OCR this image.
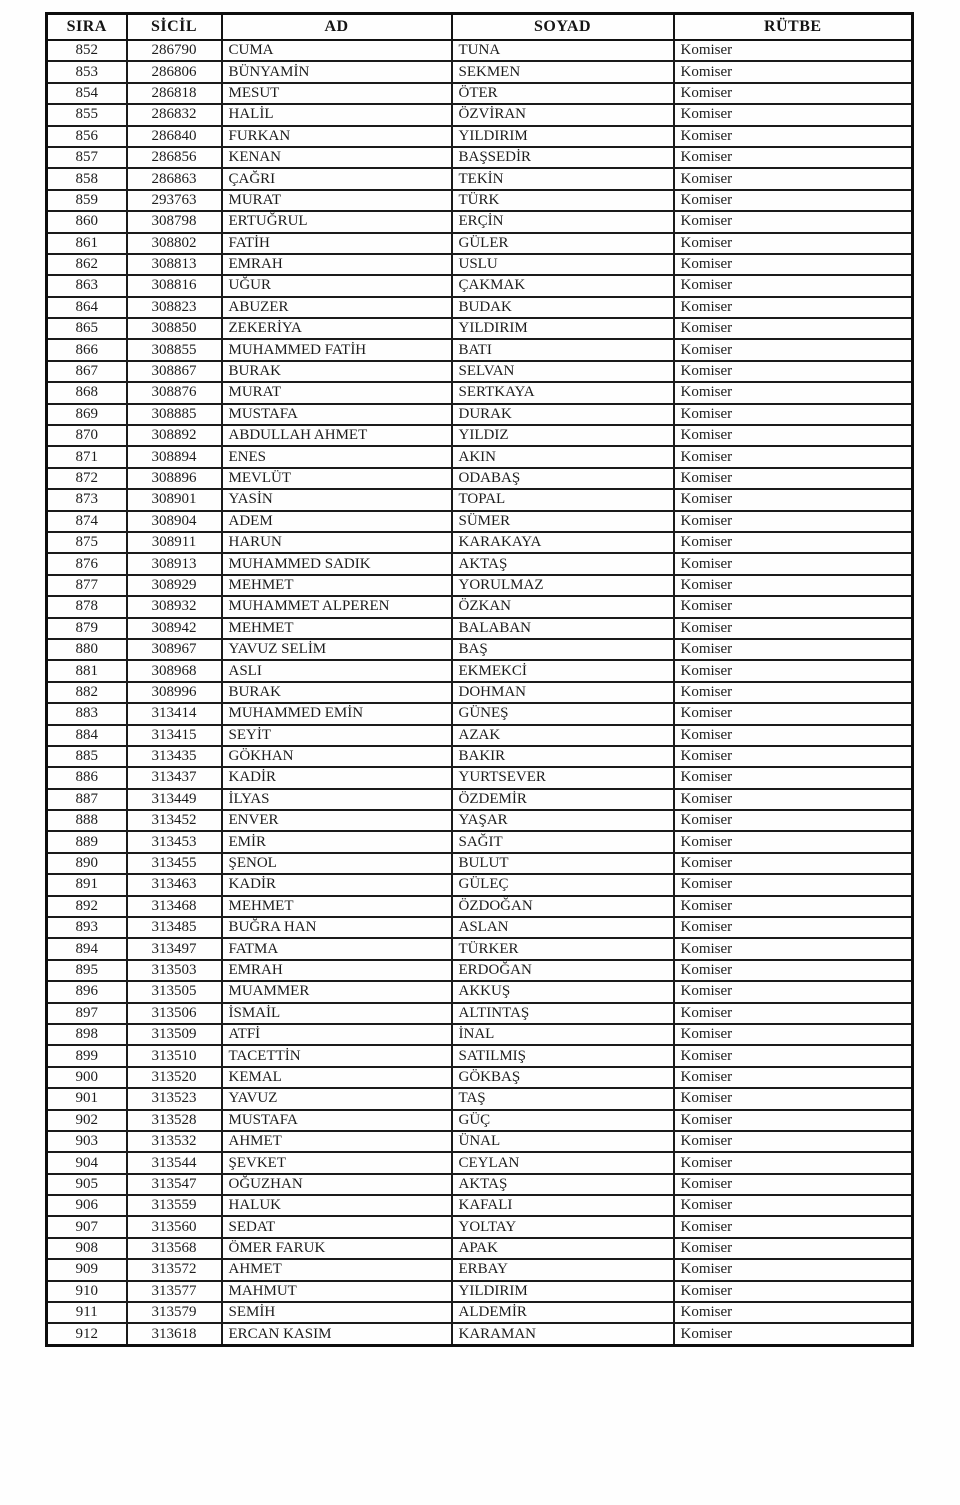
SIRA	SİCİL	AD	SOYAD	RÜTBE
852	286790	CUMA	TUNA	Komiser
853	286806	BÜNYAMİN	SEKMEN	Komiser
854	286818	MESUT	ÖTER	Komiser
855	286832	HALİL	ÖZVİRAN	Komiser
856	286840	FURKAN	YILDIRIM	Komiser
857	286856	KENAN	BAŞSEDİR	Komiser
858	286863	ÇAĞRI	TEKİN	Komiser
859	293763	MURAT	TÜRK	Komiser
860	308798	ERTUĞRUL	ERÇİN	Komiser
861	308802	FATİH	GÜLER	Komiser
862	308813	EMRAH	USLU	Komiser
863	308816	UĞUR	ÇAKMAK	Komiser
864	308823	ABUZER	BUDAK	Komiser
865	308850	ZEKERİYA	YILDIRIM	Komiser
866	308855	MUHAMMED FATİH	BATI	Komiser
867	308867	BURAK	SELVAN	Komiser
868	308876	MURAT	SERTKAYA	Komiser
869	308885	MUSTAFA	DURAK	Komiser
870	308892	ABDULLAH AHMET	YILDIZ	Komiser
871	308894	ENES	AKIN	Komiser
872	308896	MEVLÜT	ODABAŞ	Komiser
873	308901	YASİN	TOPAL	Komiser
874	308904	ADEM	SÜMER	Komiser
875	308911	HARUN	KARAKAYA	Komiser
876	308913	MUHAMMED SADIK	AKTAŞ	Komiser
877	308929	MEHMET	YORULMAZ	Komiser
878	308932	MUHAMMET ALPEREN	ÖZKAN	Komiser
879	308942	MEHMET	BALABAN	Komiser
880	308967	YAVUZ SELİM	BAŞ	Komiser
881	308968	ASLI	EKMEKCİ	Komiser
882	308996	BURAK	DOHMAN	Komiser
883	313414	MUHAMMED EMİN	GÜNEŞ	Komiser
884	313415	SEYİT	AZAK	Komiser
885	313435	GÖKHAN	BAKIR	Komiser
886	313437	KADİR	YURTSEVER	Komiser
887	313449	İLYAS	ÖZDEMİR	Komiser
888	313452	ENVER	YAŞAR	Komiser
889	313453	EMİR	SAĞIT	Komiser
890	313455	ŞENOL	BULUT	Komiser
891	313463	KADİR	GÜLEÇ	Komiser
892	313468	MEHMET	ÖZDOĞAN	Komiser
893	313485	BUĞRA HAN	ASLAN	Komiser
894	313497	FATMA	TÜRKER	Komiser
895	313503	EMRAH	ERDOĞAN	Komiser
896	313505	MUAMMER	AKKUŞ	Komiser
897	313506	İSMAİL	ALTINTAŞ	Komiser
898	313509	ATFİ	İNAL	Komiser
899	313510	TACETTİN	SATILMIŞ	Komiser
900	313520	KEMAL	GÖKBAŞ	Komiser
901	313523	YAVUZ	TAŞ	Komiser
902	313528	MUSTAFA	GÜÇ	Komiser
903	313532	AHMET	ÜNAL	Komiser
904	313544	ŞEVKET	CEYLAN	Komiser
905	313547	OĞUZHAN	AKTAŞ	Komiser
906	313559	HALUK	KAFALI	Komiser
907	313560	SEDAT	YOLTAY	Komiser
908	313568	ÖMER FARUK	APAK	Komiser
909	313572	AHMET	ERBAY	Komiser
910	313577	MAHMUT	YILDIRIM	Komiser
911	313579	SEMİH	ALDEMİR	Komiser
912	313618	ERCAN KASIM	KARAMAN	Komiser
